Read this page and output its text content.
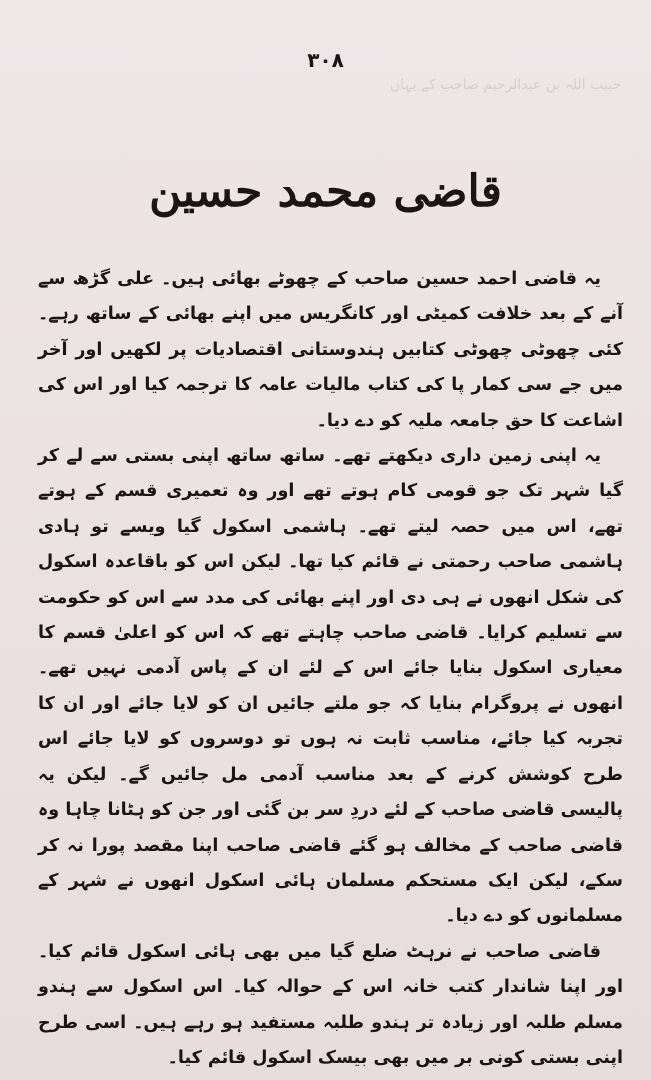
حبیب اللہ بن عبدالرحیم صاحب کے یہاں
۳۰۸
قاضی محمد حسین

یہ قاضی احمد حسین صاحب کے چھوٹے بھائی ہیں۔ علی گڑھ سے آنے کے بعد خلافت کمیٹی اور کانگریس میں اپنے بھائی کے ساتھ رہے۔ کئی چھوٹی چھوٹی کتابیں ہندوستانی اقتصادیات پر لکھیں اور آخر میں جے سی کمار پا کی کتاب مالیات عامہ کا ترجمہ کیا اور اس کی اشاعت کا حق جامعہ ملیہ کو دے دیا۔

یہ اپنی زمین داری دیکھتے تھے۔ ساتھ ساتھ اپنی بستی سے لے کر گیا شہر تک جو قومی کام ہوتے تھے اور وہ تعمیری قسم کے ہوتے تھے، اس میں حصہ لیتے تھے۔ ہاشمی اسکول گیا ویسے تو ہادی ہاشمی صاحب رحمتی نے قائم کیا تھا۔ لیکن اس کو باقاعدہ اسکول کی شکل انھوں نے ہی دی اور اپنے بھائی کی مدد سے اس کو حکومت سے تسلیم کرایا۔ قاضی صاحب چاہتے تھے کہ اس کو اعلیٰ قسم کا معیاری اسکول بنایا جائے اس کے لئے ان کے پاس آدمی نہیں تھے۔ انھوں نے پروگرام بنایا کہ جو ملتے جائیں ان کو لایا جائے اور ان کا تجربہ کیا جائے، مناسب ثابت نہ ہوں تو دوسروں کو لایا جائے اس طرح کوشش کرنے کے بعد مناسب آدمی مل جائیں گے۔ لیکن یہ پالیسی قاضی صاحب کے لئے دردِ سر بن گئی اور جن کو ہٹانا چاہا وہ قاضی صاحب کے مخالف ہو گئے قاضی صاحب اپنا مقصد پورا نہ کر سکے، لیکن ایک مستحکم مسلمان ہائی اسکول انھوں نے شہر کے مسلمانوں کو دے دیا۔

قاضی صاحب نے نرہٹ ضلع گیا میں بھی ہائی اسکول قائم کیا۔ اور اپنا شاندار کتب خانہ اس کے حوالہ کیا۔ اس اسکول سے ہندو مسلم طلبہ اور زیادہ تر ہندو طلبہ مستفید ہو رہے ہیں۔ اسی طرح اپنی بستی کونی بر میں بھی بیسک اسکول قائم کیا۔
